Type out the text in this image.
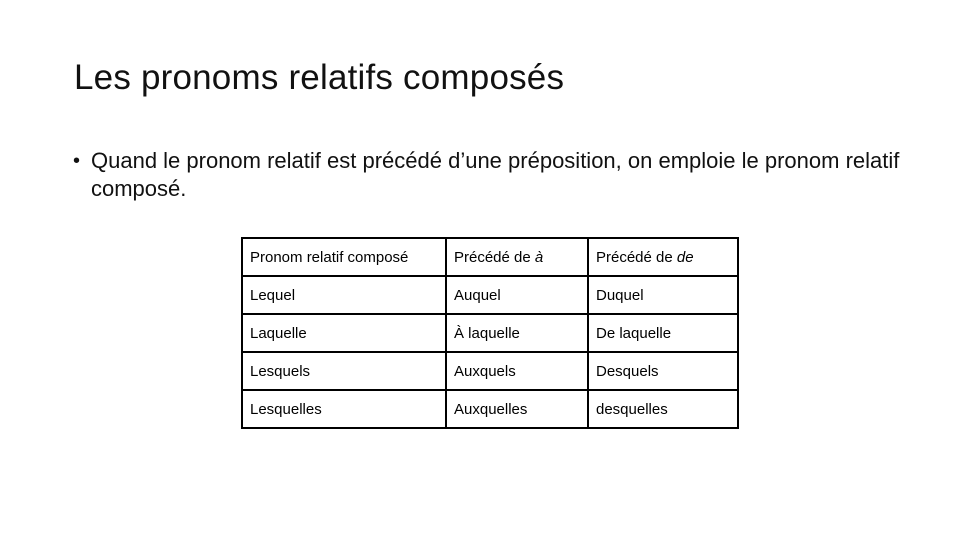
Les pronoms relatifs composés
• Quand le pronom relatif est précédé d’une préposition, on emploie le pronom relatif composé.
Pronom relatif composé	Précédé de à	Précédé de de
Lequel	Auquel	Duquel
Laquelle	À laquelle	De laquelle
Lesquels	Auxquels	Desquels
Lesquelles	Auxquelles	desquelles
